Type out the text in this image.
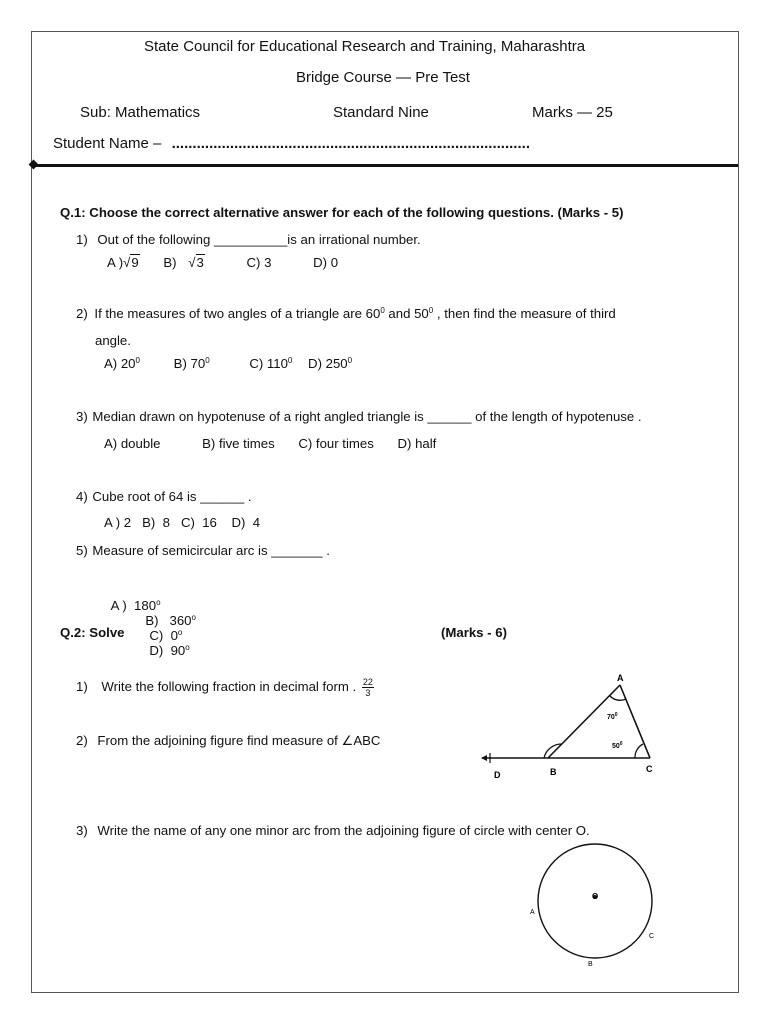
State Council for Educational Research and Training, Maharashtra
Bridge Course — Pre Test
Sub: Mathematics	Standard Nine	Marks — 25
Student Name – ......................................................................................
Q.1: Choose the correct alternative answer for each of the following questions. (Marks - 5)
1) Out of the following __________is an irrational number.
A )√9 B) √3	C) 3	D) 0
2) If the measures of two angles of a triangle are $60^0$ and $50^0$ , then find the measure of third
angle.
A) $20^0$	B) $70^0$	C) $110^0$ D) $250^0$
3) Median drawn on hypotenuse of a right angled triangle is ______ of the length of hypotenuse .
A) double	B) five times C) four times D) half
4) Cube root of 64 is ______ .
A ) 2   B)  8   C)  16    D)  4
5) Measure of semicircular arc is _______ .

A )  180$^o$
B)   360$^o$
C)  0$^o$
D)  90$^o$

Q.2: Solve	(Marks - 6)
1) Write the following fraction in decimal form . $\frac{22}{3}$
2) From the adjoining figure find measure of ∠ABC
3) Write the name of any one minor arc from the adjoining figure of circle with center O.
A
B	C
D
$70^0$
$50^0$
O
A
B
C
